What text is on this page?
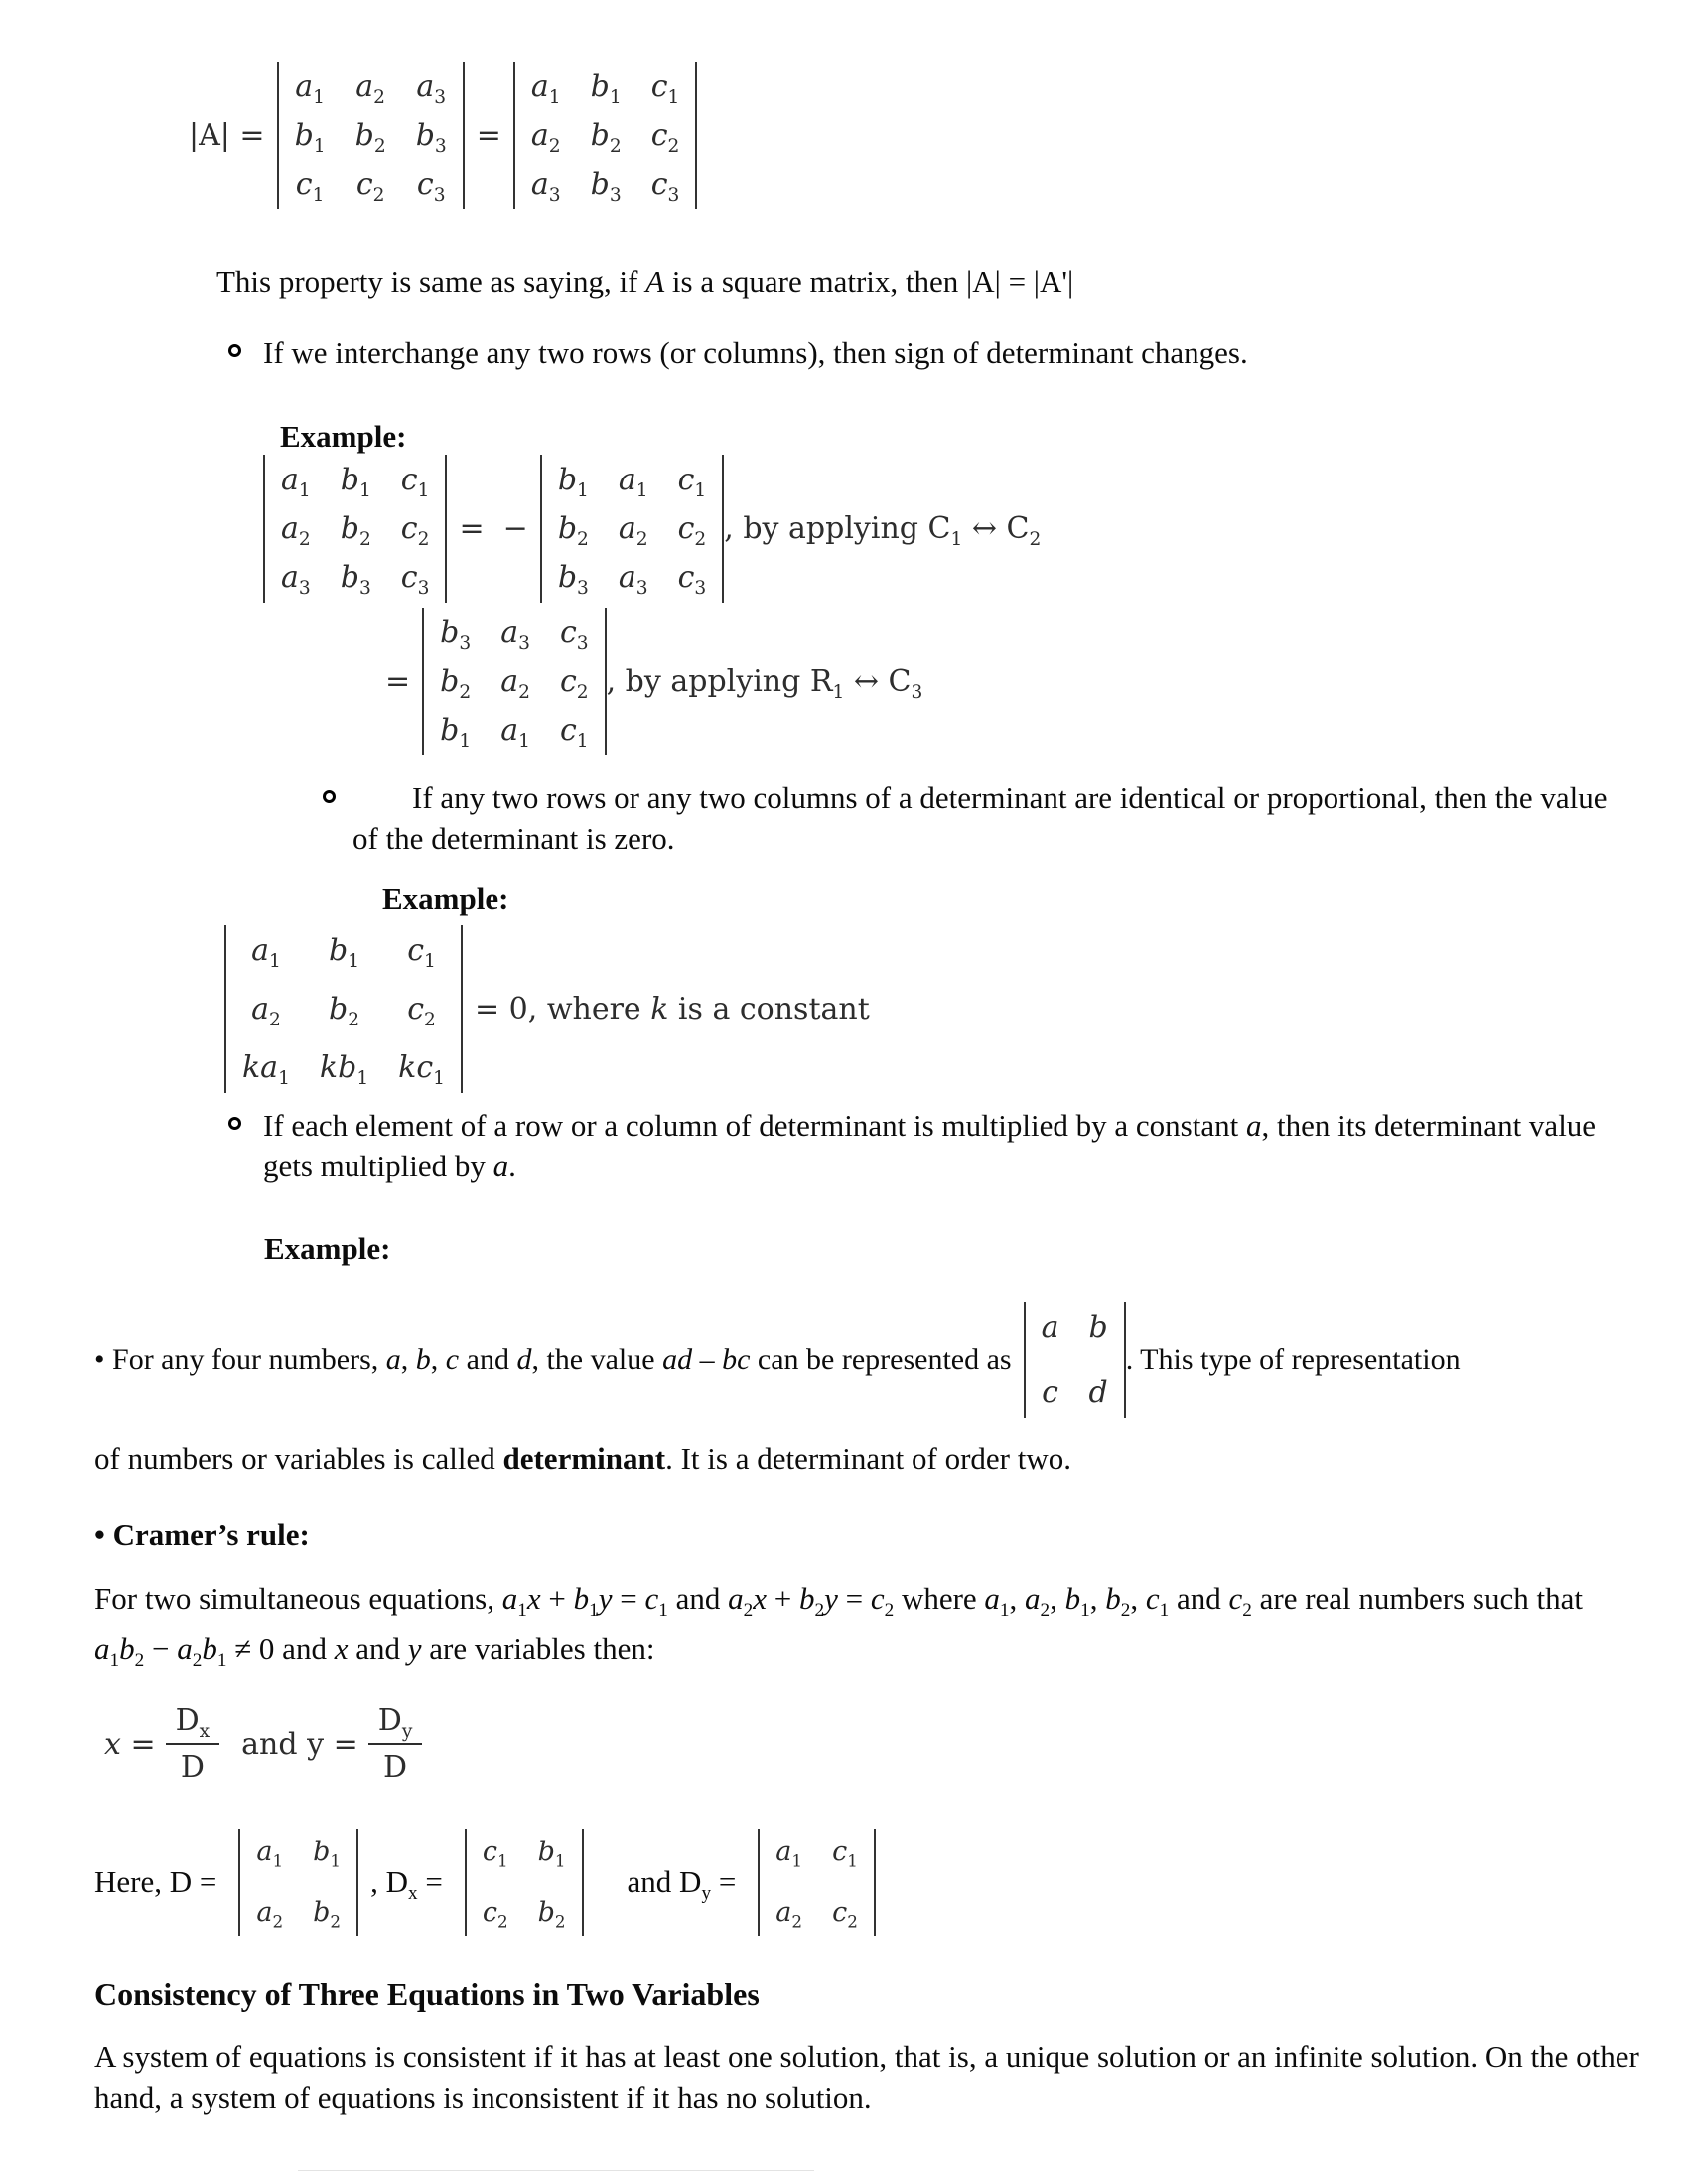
|A| =
$a_1$ $a_2$ $a_3$
$b_1$ $b_2$ $b_3$
$c_1$ $c_2$ $c_3$
=
$a_1$ $b_1$ $c_1$
$a_2$ $b_2$ $c_2$
$a_3$ $b_3$ $c_3$

This property is same as saying, if A is a square matrix, then |A| = |A'|

If we interchange any two rows (or columns), then sign of determinant changes.

Example:

$a_1$ $b_1$ $c_1$
$a_2$ $b_2$ $c_2$
$a_3$ $b_3$ $c_3$
=  −
$b_1$ $a_1$ $c_1$
$b_2$ $a_2$ $c_2$
$b_3$ $a_3$ $c_3$
, by applying $C_1$ ↔ $C_2$
=
$b_3$ $a_3$ $c_3$
$b_2$ $a_2$ $c_2$
$b_1$ $a_1$ $c_1$
, by applying $R_1$ ↔ $C_3$
If any two rows or any two columns of a determinant are identical or proportional, then the value of the determinant is zero.

Example:

$a_1$ $b_1$ $c_1$
$a_2$ $b_2$ $c_2$
$ka_1$ $kb_1$ $kc_1$
= 0, where k is a constant
If each element of a row or a column of determinant is multiplied by a constant a, then its determinant value gets multiplied by a.

Example:

• For any four numbers, a, b, c and d, the value ad – bc can be represented as
a b
c d
. This type of representation

of numbers or variables is called determinant. It is a determinant of order two.

• Cramer’s rule:

For two simultaneous equations, $a_1x + b_1y = c_1$ and $a_2x + b_2y = c_2$ where $a_1$, $a_2$, $b_1$, $b_2$, $c_1$ and $c_2$ are real numbers such that $a_1b_2 - a_2b_1 \ne 0$ and x and y are variables then:

$x = \frac{D_x}{D}$ and $y = \frac{D_y}{D}$
Here, D =
$a_1$ $b_1$
$a_2$ $b_2$
, $D_x$ =
$c_1$ $b_1$
$c_2$ $b_2$
and $D_y$ =
$a_1$ $c_1$
$a_2$ $c_2$

Consistency of Three Equations in Two Variables

A system of equations is consistent if it has at least one solution, that is, a unique solution or an infinite solution. On the other hand, a system of equations is inconsistent if it has no solution.
